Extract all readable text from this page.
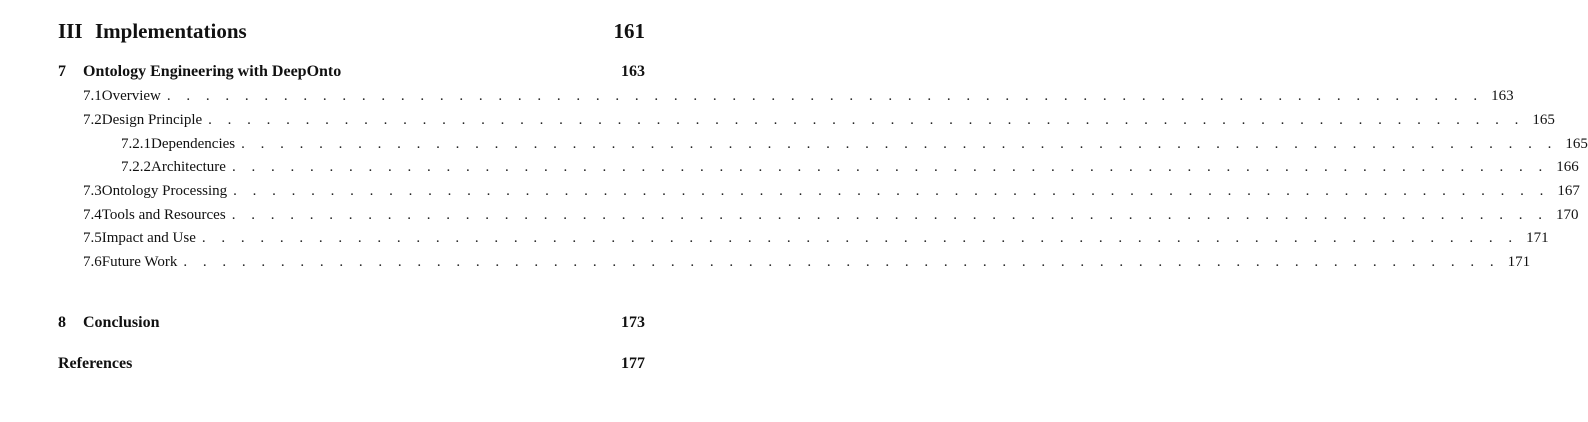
III Implementations	161
7	Ontology Engineering with DeepOnto	163
7.1 Overview . . . . . . . . . . . . . . . . . . . . . . . . . . . . . . . . . . . . . . . . . . . . . . . . . . . . . . . . . . . . . . . . . . . . 163
7.2 Design Principle . . . . . . . . . . . . . . . . . . . . . . . . . . . . . . . . . . . . . . . . . . . . . . . . . . . . . . . . . . . . . . . . . . . . 165
7.2.1 Dependencies . . . . . . . . . . . . . . . . . . . . . . . . . . . . . . . . . . . . . . . . . . . . . . . . . . . . . . . . . . . . . . . . . . . . 165
7.2.2 Architecture . . . . . . . . . . . . . . . . . . . . . . . . . . . . . . . . . . . . . . . . . . . . . . . . . . . . . . . . . . . . . . . . . . . . 166
7.3 Ontology Processing . . . . . . . . . . . . . . . . . . . . . . . . . . . . . . . . . . . . . . . . . . . . . . . . . . . . . . . . . . . . . . . . . . . . 167
7.4 Tools and Resources . . . . . . . . . . . . . . . . . . . . . . . . . . . . . . . . . . . . . . . . . . . . . . . . . . . . . . . . . . . . . . . . . . . . 170
7.5 Impact and Use . . . . . . . . . . . . . . . . . . . . . . . . . . . . . . . . . . . . . . . . . . . . . . . . . . . . . . . . . . . . . . . . . . . . 171
7.6 Future Work . . . . . . . . . . . . . . . . . . . . . . . . . . . . . . . . . . . . . . . . . . . . . . . . . . . . . . . . . . . . . . . . . . . . 171
8	Conclusion	173
References	177
